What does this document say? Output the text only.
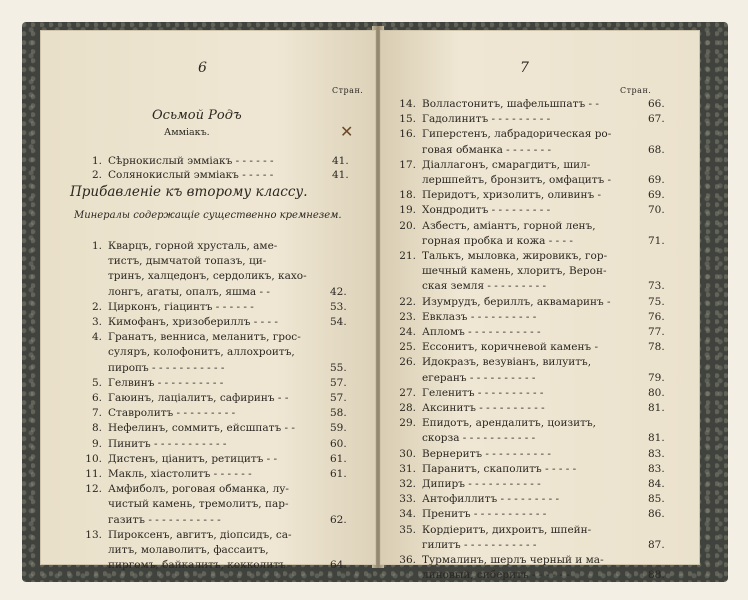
6
Стран.
Осьмой Родъ
Аммiакъ.	✕
1. Сѣрнокислый эммiакъ - - - - - -	41.
2. Солянокислый эммiакъ - - - - -	41.
Прибавленiе къ второму классу.
Минералы содержащiе существенно кремнезем.
1. Кварцъ, горной хрусталь, аме-
тистъ, дымчатой топазъ, ци-
тринъ, халцедонъ, сердоликъ, кахо-
лонгъ, агаты, опалъ, яшма - -	42.
2. Цирконъ, гiацинтъ - - - - - -	53.
3. Кимофанъ, хризобериллъ - - - -	54.
4. Гранатъ, венниса, меланитъ, грос-
суляръ, колофонитъ, аллохроитъ,
пиропъ - - - - - - - - - - -	55.
5. Гелвинъ - - - - - - - - - -	57.
6. Гаюинъ, лацiалитъ, сафиринъ - -	57.
7. Ставролитъ - - - - - - - - -	58.
8. Нефелинъ, соммитъ, ейсшпатъ - -	59.
9. Пинитъ - - - - - - - - - - -	60.
10. Дистенъ, цiанитъ, ретицитъ - -	61.
11. Макль, хiастолитъ - - - - - -	61.
12. Амфиболъ, роговая обманка, лу-
чистый камень, тремолитъ, пар-
газитъ - - - - - - - - - - -	62.
13. Пироксенъ, авгитъ, дiопсидъ, са-
литъ, молаволитъ, фассаитъ,
пиргомъ, байкалитъ, кокколитъ	64.
7
Стран.
14. Волластонитъ, шафельшпатъ - -	66.
15. Гадолинитъ - - - - - - - - -	67.
16. Гиперстенъ, лабрадорическая ро-
говая обманка - - - - - - -	68.
17. Дiаллагонъ, смарагдитъ, шил-
лершпейтъ, бронзитъ, омфацитъ -	69.
18. Перидотъ, хризолитъ, оливинъ -	69.
19. Хондродитъ - - - - - - - - -	70.
20. Азбестъ, амiантъ, горной ленъ,
горная пробка и кожа - - - -	71.
21. Талькъ, мыловка, жировикъ, гор-
шечный камень, хлоритъ, Верон-
ская земля - - - - - - - - -	73.
22. Изумрудъ, бериллъ, аквамаринъ -	75.
23. Евклазъ - - - - - - - - - -	76.
24. Апломъ - - - - - - - - - - -	77.
25. Ессонитъ, коричневой каменъ -	78.
26. Идокразъ, везувiанъ, вилуитъ,
егеранъ - - - - - - - - - -	79.
27. Геленитъ - - - - - - - - - -	80.
28. Аксинитъ - - - - - - - - - -	81.
29. Епидотъ, арендалитъ, цоизитъ,
скорза - - - - - - - - - - -	81.
30. Вернеритъ - - - - - - - - - -	83.
31. Паранитъ, скаполитъ - - - - -	83.
32. Дипиръ - - - - - - - - - - -	84.
33. Антофиллитъ - - - - - - - - -	85.
34. Пренитъ - - - - - - - - - - -	86.
35. Кордiеритъ, дихроитъ, шпейн-
гилитъ - - - - - - - - - - -	87.
36. Турмалинъ, шерлъ черный и ма-
линовый, сиберитъ - - - - - -	88.
